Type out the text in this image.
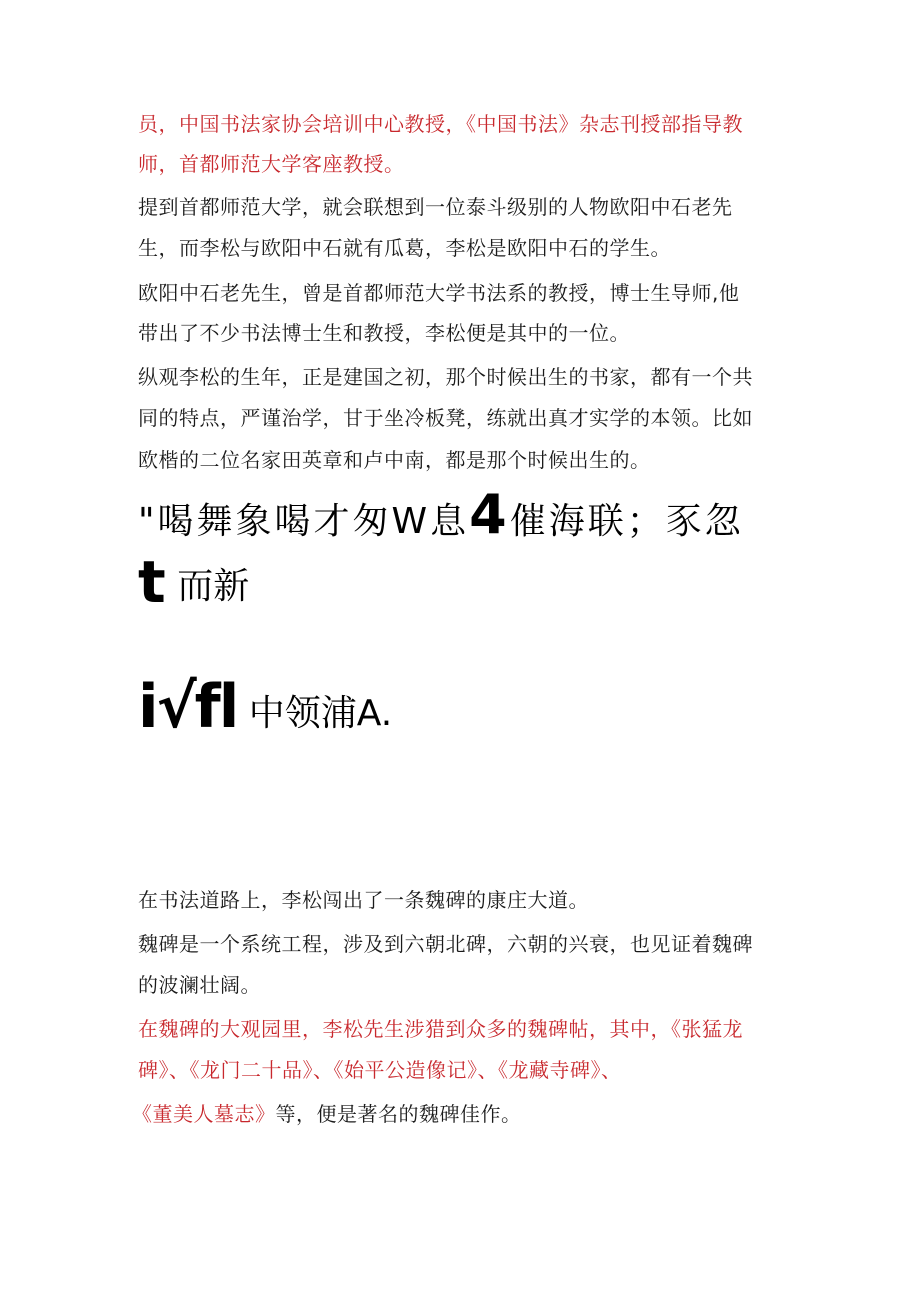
员，中国书法家协会培训中心教授，《中国书法》杂志刊授部指导教
师，首都师范大学客座教授。
提到首都师范大学，就会联想到一位泰斗级别的人物欧阳中石老先
生，而李松与欧阳中石就有瓜葛，李松是欧阳中石的学生。
欧阳中石老先生，曾是首都师范大学书法系的教授，博士生导师,他
带出了不少书法博士生和教授，李松便是其中的一位。
纵观李松的生年，正是建国之初，那个时候出生的书家，都有一个共
同的特点，严谨治学，甘于坐冷板凳，练就出真才实学的本领。比如
欧楷的二位名家田英章和卢中南，都是那个时候出生的。
"喝舞象喝才匆W息4催海联；豕忽
t 而新
i√fl 中领浦A.
在书法道路上，李松闯出了一条魏碑的康庄大道。
魏碑是一个系统工程，涉及到六朝北碑，六朝的兴衰，也见证着魏碑
的波澜壮阔。
在魏碑的大观园里，李松先生涉猎到众多的魏碑帖，其中，《张猛龙
碑》、《龙门二十品》、《始平公造像记》、《龙藏寺碑》、
《董美人墓志》等，便是著名的魏碑佳作。
